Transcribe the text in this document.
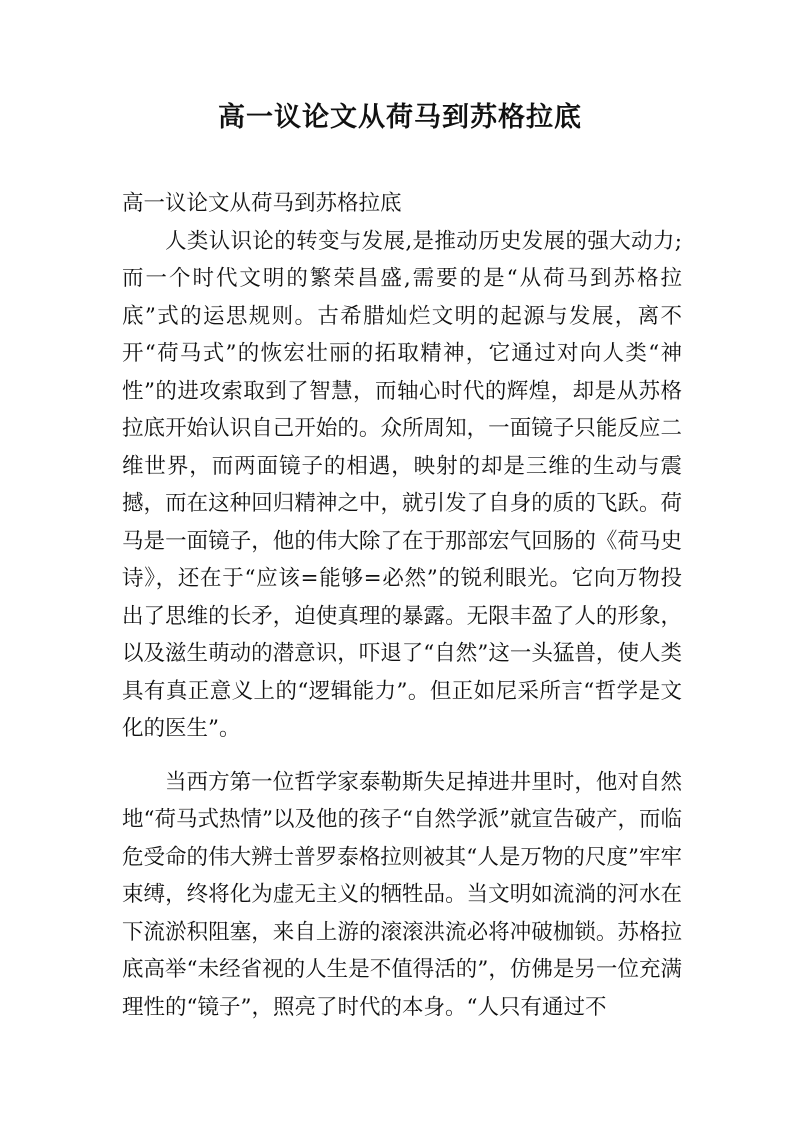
高一议论文从荷马到苏格拉底

高一议论文从荷马到苏格拉底

人类认识论的转变与发展,是推动历史发展的强大动力;而一个时代文明的繁荣昌盛,需要的是“从荷马到苏格拉底”式的运思规则。古希腊灿烂文明的起源与发展，离不开“荷马式”的恢宏壮丽的拓取精神，它通过对向人类“神性”的进攻索取到了智慧，而轴心时代的辉煌，却是从苏格拉底开始认识自己开始的。众所周知，一面镜子只能反应二维世界，而两面镜子的相遇，映射的却是三维的生动与震撼，而在这种回归精神之中，就引发了自身的质的飞跃。荷马是一面镜子，他的伟大除了在于那部宏气回肠的《荷马史诗》，还在于“应该=能够=必然”的锐利眼光。它向万物投出了思维的长矛，迫使真理的暴露。无限丰盈了人的形象，以及滋生萌动的潜意识，吓退了“自然”这一头猛兽，使人类具有真正意义上的“逻辑能力”。但正如尼采所言“哲学是文化的医生”。

当西方第一位哲学家泰勒斯失足掉进井里时，他对自然地“荷马式热情”以及他的孩子“自然学派”就宣告破产，而临危受命的伟大辨士普罗泰格拉则被其“人是万物的尺度”牢牢束缚，终将化为虚无主义的牺牲品。当文明如流淌的河水在下流淤积阻塞，来自上游的滚滚洪流必将冲破枷锁。苏格拉底高举“未经省视的人生是不值得活的”，仿佛是另一位充满理性的“镜子”，照亮了时代的本身。“人只有通过不
